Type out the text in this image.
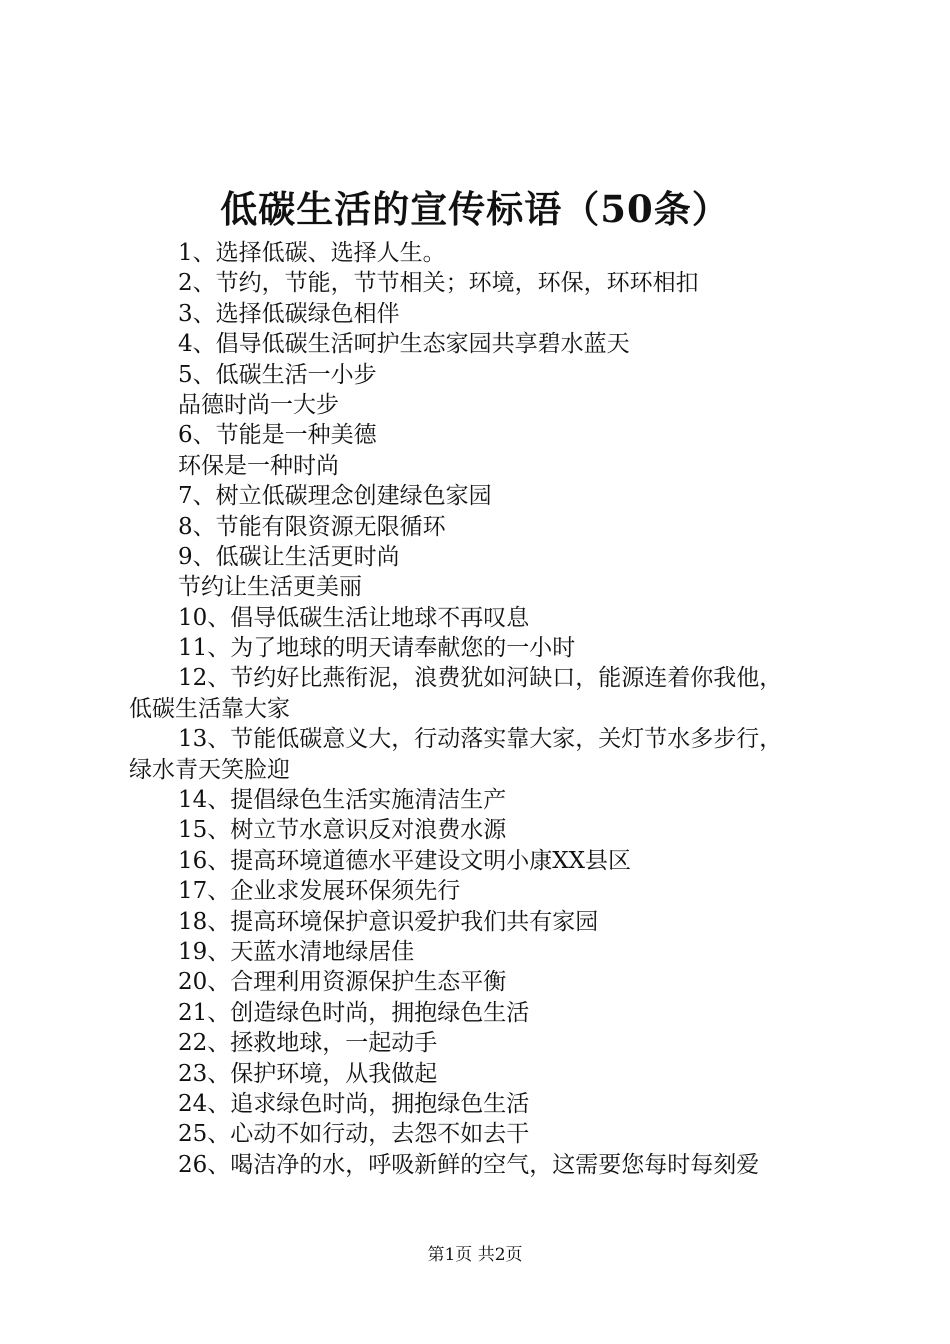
低碳生活的宣传标语（50条）
1、选择低碳、选择人生。
2、节约，节能，节节相关；环境，环保，环环相扣
3、选择低碳绿色相伴
4、倡导低碳生活呵护生态家园共享碧水蓝天
5、低碳生活一小步
品德时尚一大步
6、节能是一种美德
环保是一种时尚
7、树立低碳理念创建绿色家园
8、节能有限资源无限循环
9、低碳让生活更时尚
节约让生活更美丽
10、倡导低碳生活让地球不再叹息
11、为了地球的明天请奉献您的一小时
12、节约好比燕衔泥，浪费犹如河缺口，能源连着你我他，
低碳生活靠大家
13、节能低碳意义大，行动落实靠大家，关灯节水多步行，
绿水青天笑脸迎
14、提倡绿色生活实施清洁生产
15、树立节水意识反对浪费水源
16、提高环境道德水平建设文明小康XX县区
17、企业求发展环保须先行
18、提高环境保护意识爱护我们共有家园
19、天蓝水清地绿居佳
20、合理利用资源保护生态平衡
21、创造绿色时尚，拥抱绿色生活
22、拯救地球，一起动手
23、保护环境，从我做起
24、追求绿色时尚，拥抱绿色生活
25、心动不如行动，去怨不如去干
26、喝洁净的水，呼吸新鲜的空气，这需要您每时每刻爱
第1页 共2页
